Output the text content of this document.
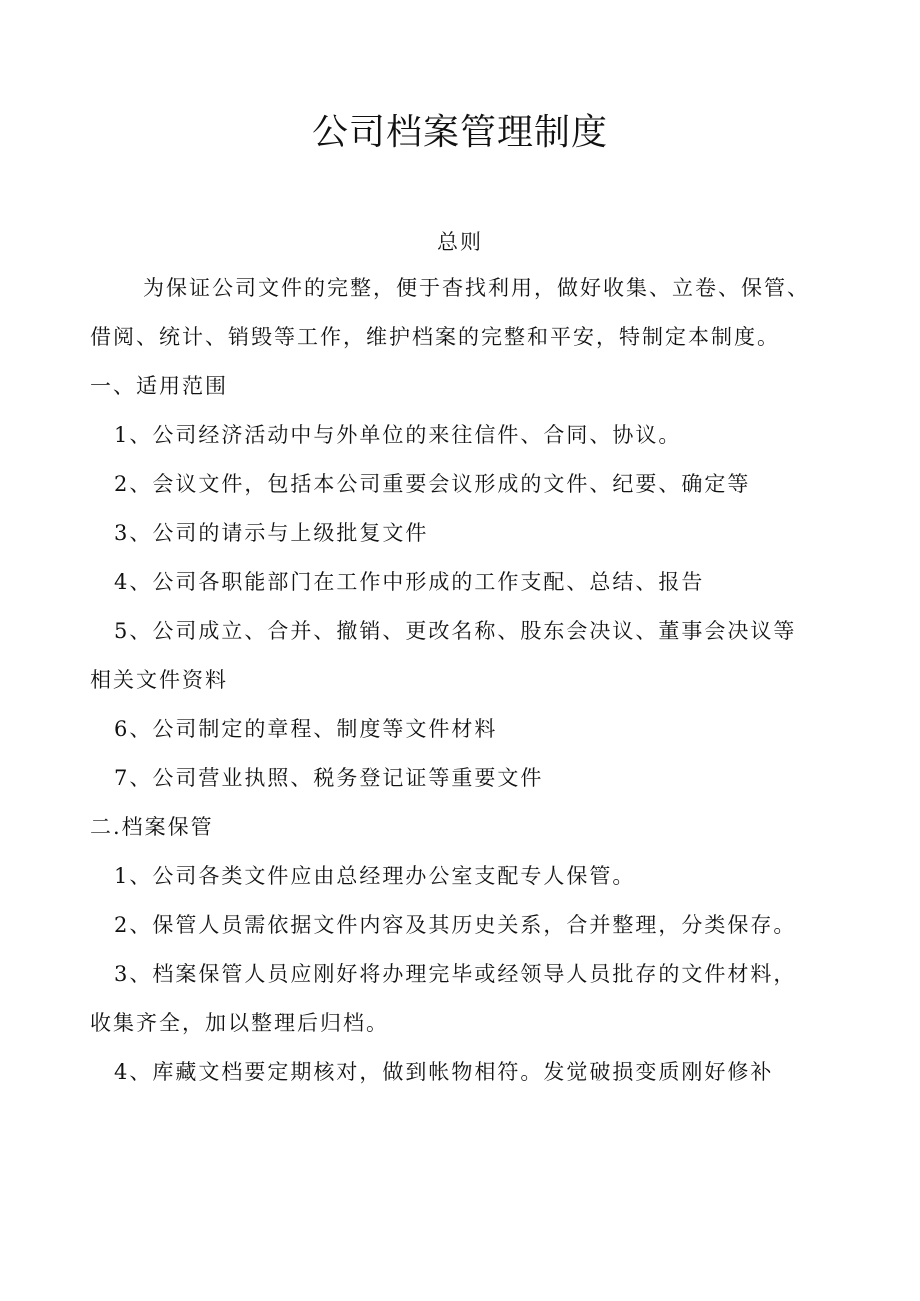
公司档案管理制度
总则
为保证公司文件的完整，便于杳找利用，做好收集、立卷、保管、
借阅、统计、销毁等工作，维护档案的完整和平安，特制定本制度。
一、适用范围
1、公司经济活动中与外单位的来往信件、合同、协议。
2、会议文件，包括本公司重要会议形成的文件、纪要、确定等
3、公司的请示与上级批复文件
4、公司各职能部门在工作中形成的工作支配、总结、报告
5、公司成立、合并、撤销、更改名称、股东会决议、董事会决议等
相关文件资料
6、公司制定的章程、制度等文件材料
7、公司营业执照、税务登记证等重要文件
二.档案保管
1、公司各类文件应由总经理办公室支配专人保管。
2、保管人员需依据文件内容及其历史关系，合并整理，分类保存。
3、档案保管人员应刚好将办理完毕或经领导人员批存的文件材料，
收集齐全，加以整理后归档。
4、库藏文档要定期核对，做到帐物相符。发觉破损变质刚好修补
